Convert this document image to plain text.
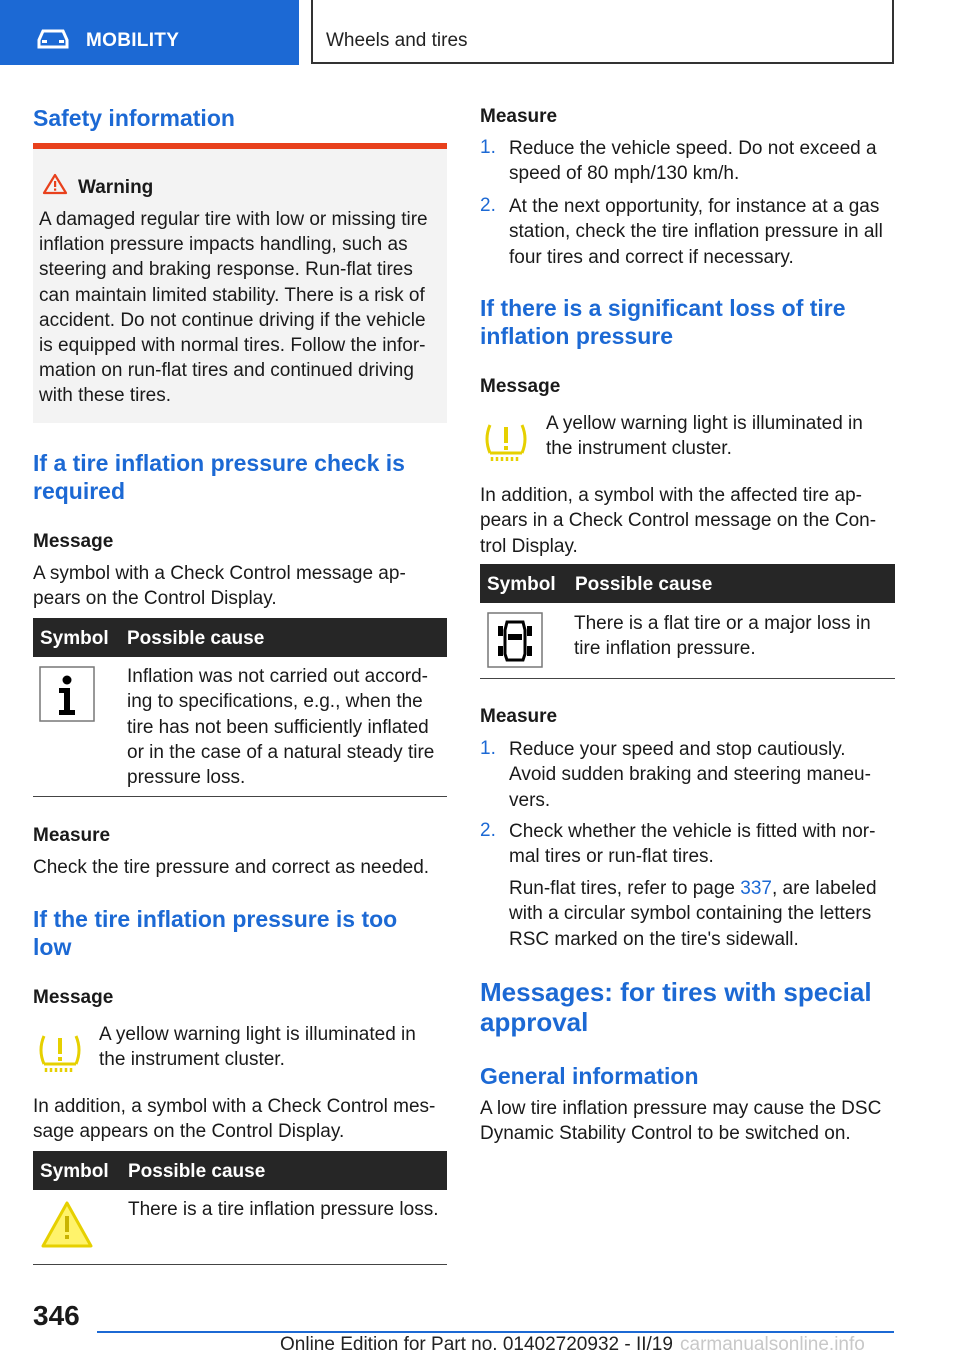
MOBILITY	Wheels and tires
Safety information
Warning
A damaged regular tire with low or missing tire
inflation pressure impacts handling, such as
steering and braking response. Run-flat tires
can maintain limited stability. There is a risk of
accident. Do not continue driving if the vehicle
is equipped with normal tires. Follow the infor-
mation on run-flat tires and continued driving
with these tires.
If a tire inflation pressure check is
required
Message
A symbol with a Check Control message ap-
pears on the Control Display.
Symbol Possible cause
Inflation was not carried out accord-
ing to specifications, e.g., when the
tire has not been sufficiently inflated
or in the case of a natural steady tire
pressure loss.
Measure
Check the tire pressure and correct as needed.
If the tire inflation pressure is too
low
Message
A yellow warning light is illuminated in
the instrument cluster.
In addition, a symbol with a Check Control mes-
sage appears on the Control Display.
Symbol Possible cause
There is a tire inflation pressure loss.
Measure
1. Reduce the vehicle speed. Do not exceed a
speed of 80 mph/130 km/h.
2. At the next opportunity, for instance at a gas
station, check the tire inflation pressure in all
four tires and correct if necessary.
If there is a significant loss of tire
inflation pressure
Message
A yellow warning light is illuminated in
the instrument cluster.
In addition, a symbol with the affected tire ap-
pears in a Check Control message on the Con-
trol Display.
Symbol Possible cause
There is a flat tire or a major loss in
tire inflation pressure.
Measure
1. Reduce your speed and stop cautiously.
Avoid sudden braking and steering maneu-
vers.
2. Check whether the vehicle is fitted with nor-
mal tires or run-flat tires.
Run-flat tires, refer to page 337, are labeled
with a circular symbol containing the letters
RSC marked on the tire's sidewall.
Messages: for tires with special
approval
General information
A low tire inflation pressure may cause the DSC
Dynamic Stability Control to be switched on.
346
Online Edition for Part no. 01402720932 - II/19 carmanualsonline.info
